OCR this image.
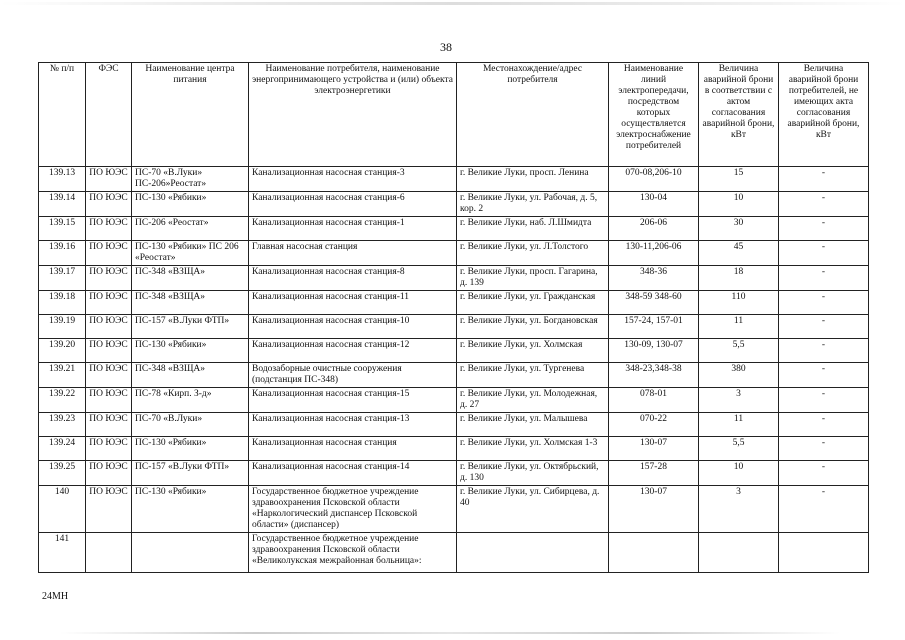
38
№ п/п	ФЭС	Наименование центра питания	Наименование потребителя, наименование энергопринимающего устройства и (или) объекта электроэнергетики	Местонахождение/адрес потребителя	Наименование линий электропередачи, посредством которых осуществляется электроснабжение потребителей	Величина аварийной брони в соответствии с актом согласования аварийной брони, кВт	Величина аварийной брони потребителей, не имеющих акта согласования аварийной брони, кВт
139.13	ПО ЮЭС	ПС-70 «В.Луки» ПС-206»Реостат»	Канализационная насосная станция-3	г. Великие Луки, просп. Ленина	070-08,206-10	15	-
139.14	ПО ЮЭС	ПС-130 «Рябики»	Канализационная насосная станция-6	г. Великие Луки, ул. Рабочая, д. 5, кор. 2	130-04	10	-
139.15	ПО ЮЭС	ПС-206 «Реостат»	Канализационная насосная станция-1	г. Великие Луки, наб. Л.Шмидта	206-06	30	-
139.16	ПО ЮЭС	ПС-130 «Рябики» ПС 206 «Реостат»	Главная насосная станция	г. Великие Луки, ул. Л.Толстого	130-11,206-06	45	-
139.17	ПО ЮЭС	ПС-348 «ВЗЩА»	Канализационная насосная станция-8	г. Великие Луки, просп. Гагарина, д. 139	348-36	18	-
139.18	ПО ЮЭС	ПС-348 «ВЗЩА»	Канализационная насосная станция-11	г. Великие Луки, ул. Гражданская	348-59 348-60	110	-
139.19	ПО ЮЭС	ПС-157 «В.Луки ФТП»	Канализационная насосная станция-10	г. Великие Луки, ул. Богдановская	157-24, 157-01	11	-
139.20	ПО ЮЭС	ПС-130 «Рябики»	Канализационная насосная станция-12	г. Великие Луки, ул. Холмская	130-09, 130-07	5,5	-
139.21	ПО ЮЭС	ПС-348 «ВЗЩА»	Водозаборные очистные сооружения (подстанция ПС-348)	г. Великие Луки, ул. Тургенева	348-23,348-38	380	-
139.22	ПО ЮЭС	ПС-78 «Кирп. З-д»	Канализационная насосная станция-15	г. Великие Луки, ул. Молодежная, д. 27	078-01	3	-
139.23	ПО ЮЭС	ПС-70 «В.Луки»	Канализационная насосная станция-13	г. Великие Луки, ул. Малышева	070-22	11	-
139.24	ПО ЮЭС	ПС-130 «Рябики»	Канализационная насосная станция	г. Великие Луки, ул. Холмская 1-3	130-07	5,5	-
139.25	ПО ЮЭС	ПС-157 «В.Луки ФТП»	Канализационная насосная станция-14	г. Великие Луки, ул. Октябрьский, д. 130	157-28	10	-
140	ПО ЮЭС	ПС-130 «Рябики»	Государственное бюджетное учреждение здравоохранения Псковской области «Наркологический диспансер Псковской области» (диспансер)	г. Великие Луки, ул. Сибирцева, д. 40	130-07	3	-
141			Государственное бюджетное учреждение здравоохранения Псковской области «Великолукская межрайонная больница»:				
24МН
